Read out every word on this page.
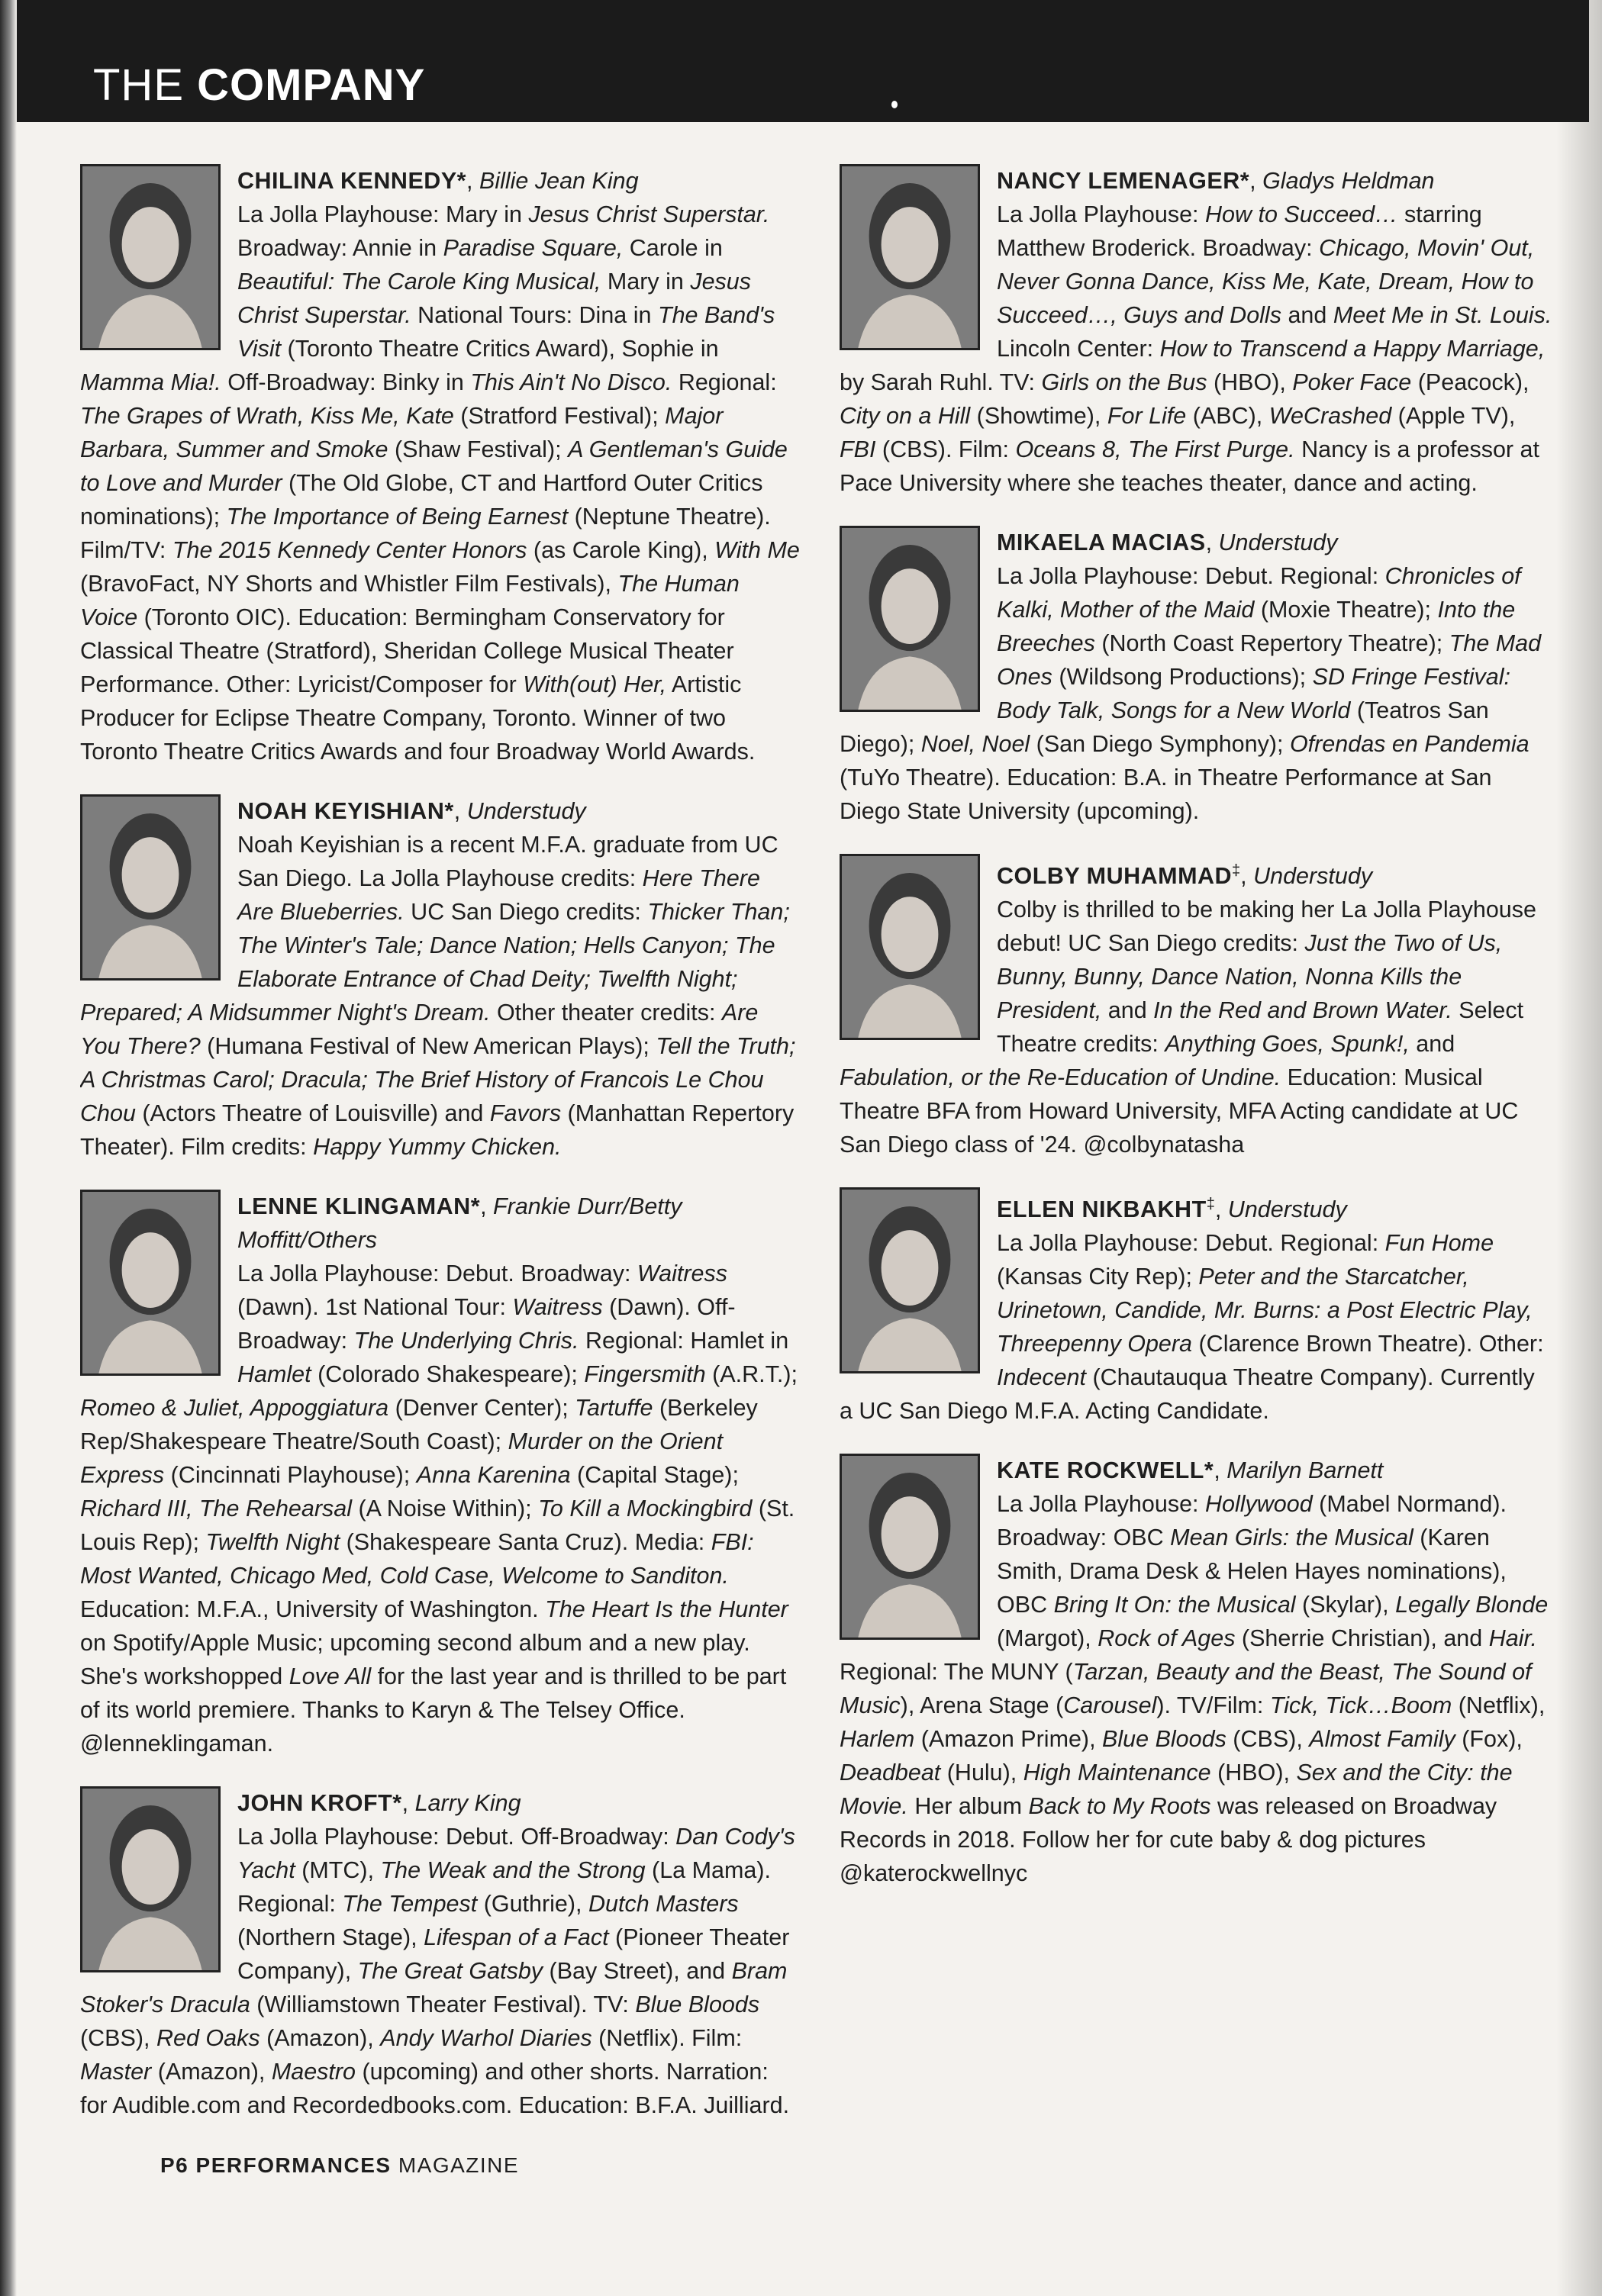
THE COMPANY
CHILINA KENNEDY*, Billie Jean King
La Jolla Playhouse: Mary in Jesus Christ Superstar. Broadway: Annie in Paradise Square, Carole in Beautiful: The Carole King Musical, Mary in Jesus Christ Superstar. National Tours: Dina in The Band's Visit (Toronto Theatre Critics Award), Sophie in Mamma Mia!. Off-Broadway: Binky in This Ain't No Disco. Regional: The Grapes of Wrath, Kiss Me, Kate (Stratford Festival); Major Barbara, Summer and Smoke (Shaw Festival); A Gentleman's Guide to Love and Murder (The Old Globe, CT and Hartford Outer Critics nominations); The Importance of Being Earnest (Neptune Theatre). Film/TV: The 2015 Kennedy Center Honors (as Carole King), With Me (BravoFact, NY Shorts and Whistler Film Festivals), The Human Voice (Toronto OIC). Education: Bermingham Conservatory for Classical Theatre (Stratford), Sheridan College Musical Theater Performance. Other: Lyricist/Composer for With(out) Her, Artistic Producer for Eclipse Theatre Company, Toronto. Winner of two Toronto Theatre Critics Awards and four Broadway World Awards.
NOAH KEYISHIAN*, Understudy
Noah Keyishian is a recent M.F.A. graduate from UC San Diego. La Jolla Playhouse credits: Here There Are Blueberries. UC San Diego credits: Thicker Than; The Winter's Tale; Dance Nation; Hells Canyon; The Elaborate Entrance of Chad Deity; Twelfth Night; Prepared; A Midsummer Night's Dream. Other theater credits: Are You There? (Humana Festival of New American Plays); Tell the Truth; A Christmas Carol; Dracula; The Brief History of Francois Le Chou Chou (Actors Theatre of Louisville) and Favors (Manhattan Repertory Theater). Film credits: Happy Yummy Chicken.
LENNE KLINGAMAN*, Frankie Durr/Betty Moffitt/Others
La Jolla Playhouse: Debut. Broadway: Waitress (Dawn). 1st National Tour: Waitress (Dawn). Off-Broadway: The Underlying Chris. Regional: Hamlet in Hamlet (Colorado Shakespeare); Fingersmith (A.R.T.); Romeo & Juliet, Appoggiatura (Denver Center); Tartuffe (Berkeley Rep/Shakespeare Theatre/South Coast); Murder on the Orient Express (Cincinnati Playhouse); Anna Karenina (Capital Stage); Richard III, The Rehearsal (A Noise Within); To Kill a Mockingbird (St. Louis Rep); Twelfth Night (Shakespeare Santa Cruz). Media: FBI: Most Wanted, Chicago Med, Cold Case, Welcome to Sanditon. Education: M.F.A., University of Washington. The Heart Is the Hunter on Spotify/Apple Music; upcoming second album and a new play. She's workshopped Love All for the last year and is thrilled to be part of its world premiere. Thanks to Karyn & The Telsey Office. @lenneklingaman.
JOHN KROFT*, Larry King
La Jolla Playhouse: Debut. Off-Broadway: Dan Cody's Yacht (MTC), The Weak and the Strong (La Mama). Regional: The Tempest (Guthrie), Dutch Masters (Northern Stage), Lifespan of a Fact (Pioneer Theater Company), The Great Gatsby (Bay Street), and Bram Stoker's Dracula (Williamstown Theater Festival). TV: Blue Bloods (CBS), Red Oaks (Amazon), Andy Warhol Diaries (Netflix). Film: Master (Amazon), Maestro (upcoming) and other shorts. Narration: for Audible.com and Recordedbooks.com. Education: B.F.A. Juilliard.
NANCY LEMENAGER*, Gladys Heldman
La Jolla Playhouse: How to Succeed… starring Matthew Broderick. Broadway: Chicago, Movin' Out, Never Gonna Dance, Kiss Me, Kate, Dream, How to Succeed…, Guys and Dolls and Meet Me in St. Louis. Lincoln Center: How to Transcend a Happy Marriage, by Sarah Ruhl. TV: Girls on the Bus (HBO), Poker Face (Peacock), City on a Hill (Showtime), For Life (ABC), WeCrashed (Apple TV), FBI (CBS). Film: Oceans 8, The First Purge. Nancy is a professor at Pace University where she teaches theater, dance and acting.
MIKAELA MACIAS, Understudy
La Jolla Playhouse: Debut. Regional: Chronicles of Kalki, Mother of the Maid (Moxie Theatre); Into the Breeches (North Coast Repertory Theatre); The Mad Ones (Wildsong Productions); SD Fringe Festival: Body Talk, Songs for a New World (Teatros San Diego); Noel, Noel (San Diego Symphony); Ofrendas en Pandemia (TuYo Theatre). Education: B.A. in Theatre Performance at San Diego State University (upcoming).
COLBY MUHAMMAD‡, Understudy
Colby is thrilled to be making her La Jolla Playhouse debut! UC San Diego credits: Just the Two of Us, Bunny, Bunny, Dance Nation, Nonna Kills the President, and In the Red and Brown Water. Select Theatre credits: Anything Goes, Spunk!, and Fabulation, or the Re-Education of Undine. Education: Musical Theatre BFA from Howard University, MFA Acting candidate at UC San Diego class of '24. @colbynatasha
ELLEN NIKBAKHT‡, Understudy
La Jolla Playhouse: Debut. Regional: Fun Home (Kansas City Rep); Peter and the Starcatcher, Urinetown, Candide, Mr. Burns: a Post Electric Play, Threepenny Opera (Clarence Brown Theatre). Other: Indecent (Chautauqua Theatre Company). Currently a UC San Diego M.F.A. Acting Candidate.
KATE ROCKWELL*, Marilyn Barnett
La Jolla Playhouse: Hollywood (Mabel Normand). Broadway: OBC Mean Girls: the Musical (Karen Smith, Drama Desk & Helen Hayes nominations), OBC Bring It On: the Musical (Skylar), Legally Blonde (Margot), Rock of Ages (Sherrie Christian), and Hair. Regional: The MUNY (Tarzan, Beauty and the Beast, The Sound of Music), Arena Stage (Carousel). TV/Film: Tick, Tick…Boom (Netflix), Harlem (Amazon Prime), Blue Bloods (CBS), Almost Family (Fox), Deadbeat (Hulu), High Maintenance (HBO), Sex and the City: the Movie. Her album Back to My Roots was released on Broadway Records in 2018. Follow her for cute baby & dog pictures @katerockwellnyc
P6 PERFORMANCES MAGAZINE
